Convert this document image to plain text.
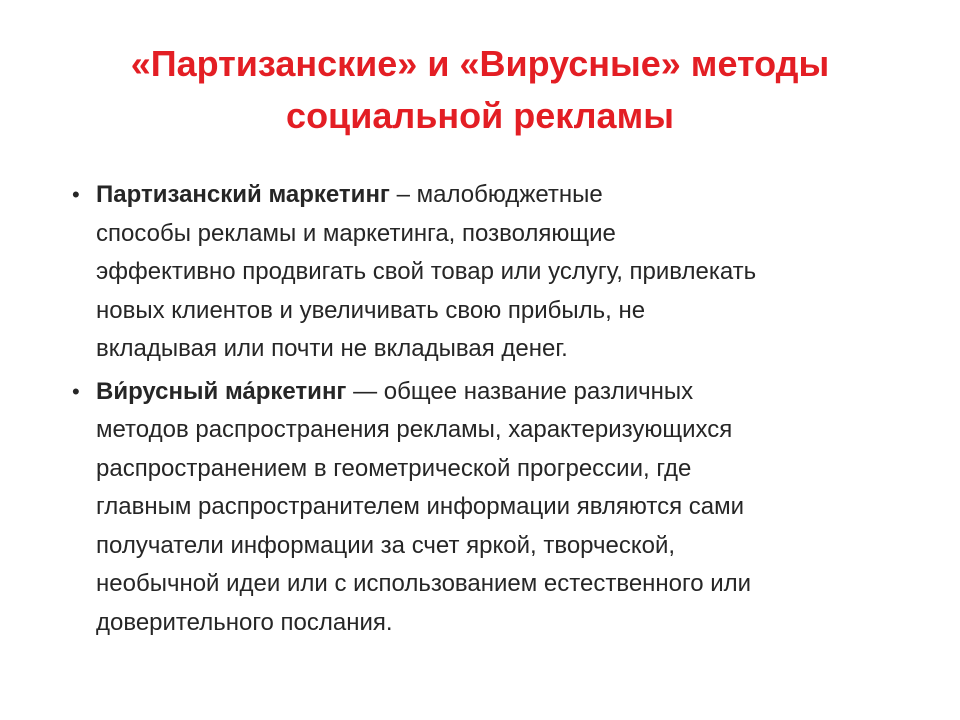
«Партизанские» и «Вирусные» методы
социальной рекламы
• Партизанский маркетинг – малобюджетные
способы рекламы и маркетинга, позволяющие
эффективно продвигать свой товар или услугу, привлекать
новых клиентов и увеличивать свою прибыль, не
вкладывая или почти не вкладывая денег.
• Ви́русный ма́ркетинг — общее название различных
методов распространения рекламы, характеризующихся
распространением в геометрической прогрессии, где
главным распространителем информации являются сами
получатели информации за счет яркой, творческой,
необычной идеи или с использованием естественного или
доверительного послания.
